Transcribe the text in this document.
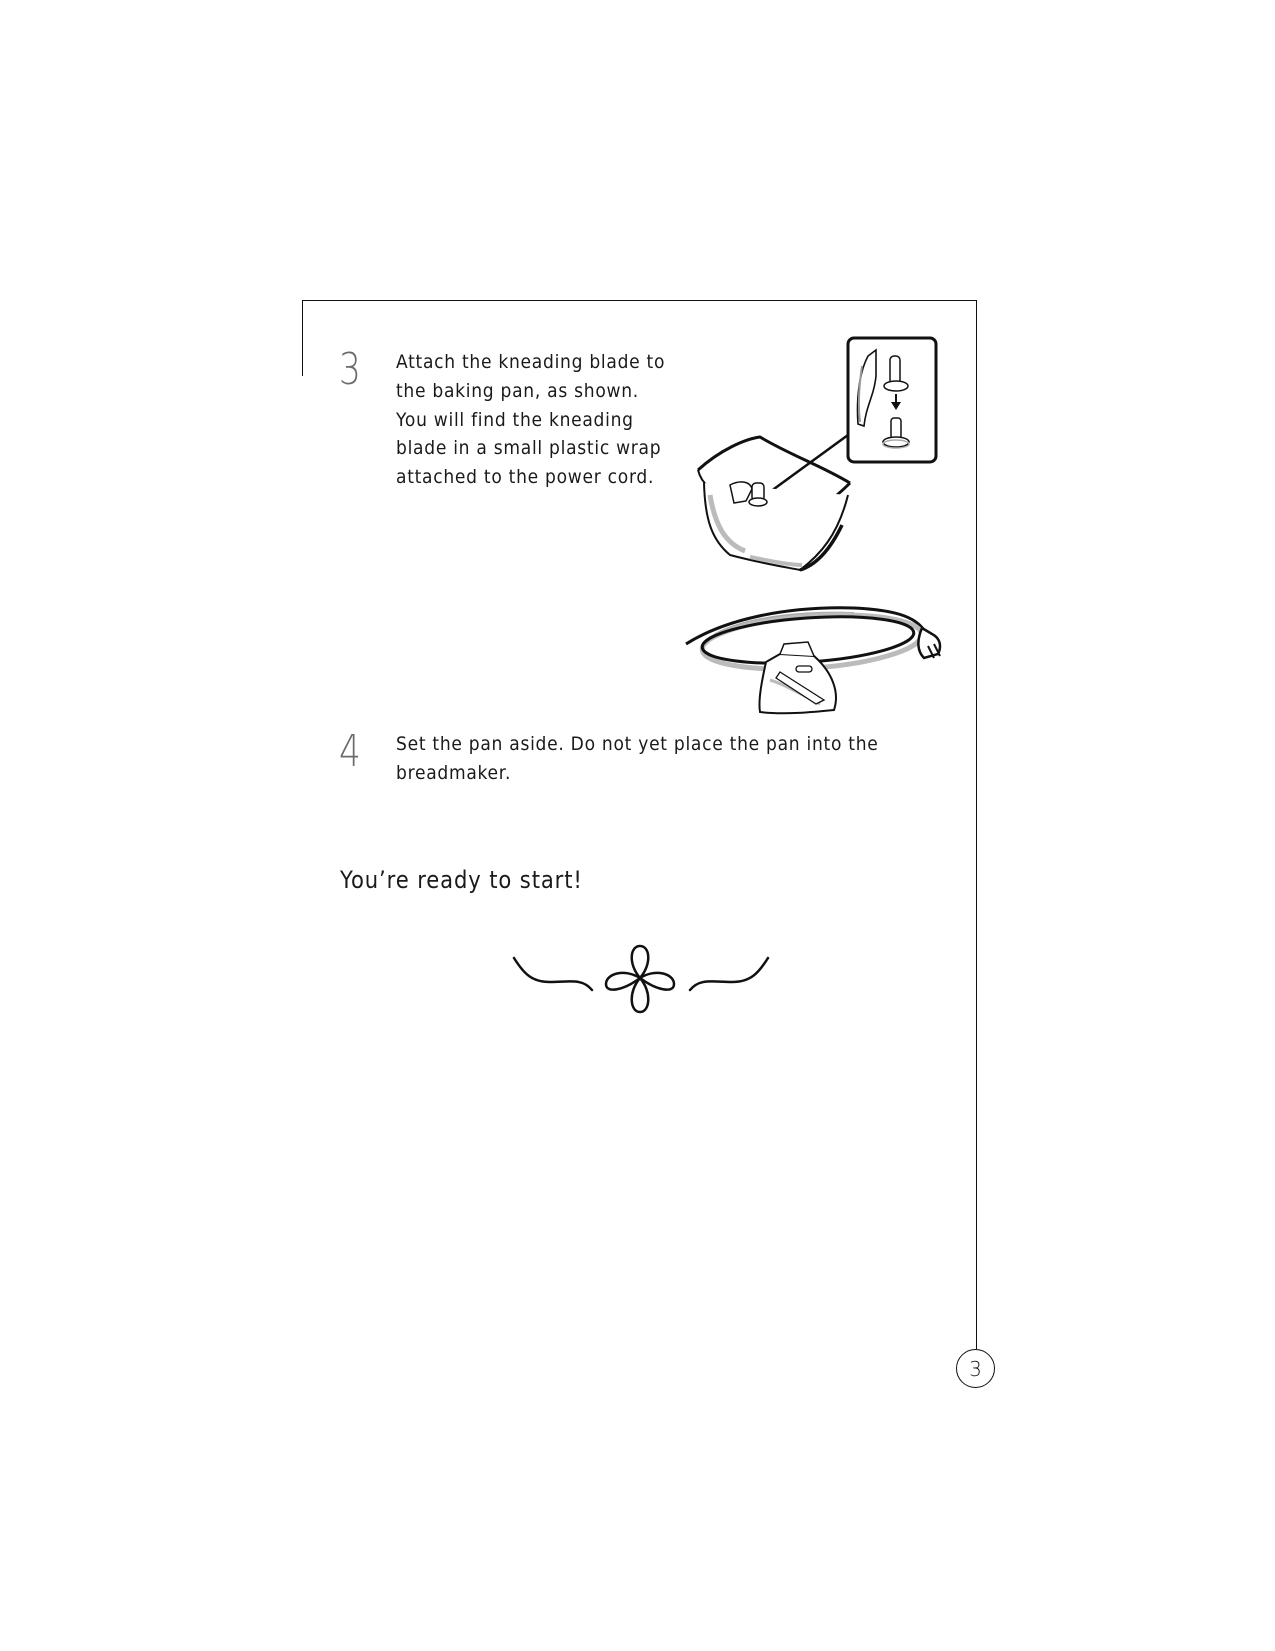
3 Attach the kneading blade to
the baking pan, as shown.
You will find the kneading
blade in a small plastic wrap
attached to the power cord.
4 Set the pan aside. Do not yet place the pan into the
breadmaker.
You’re ready to start!
3
